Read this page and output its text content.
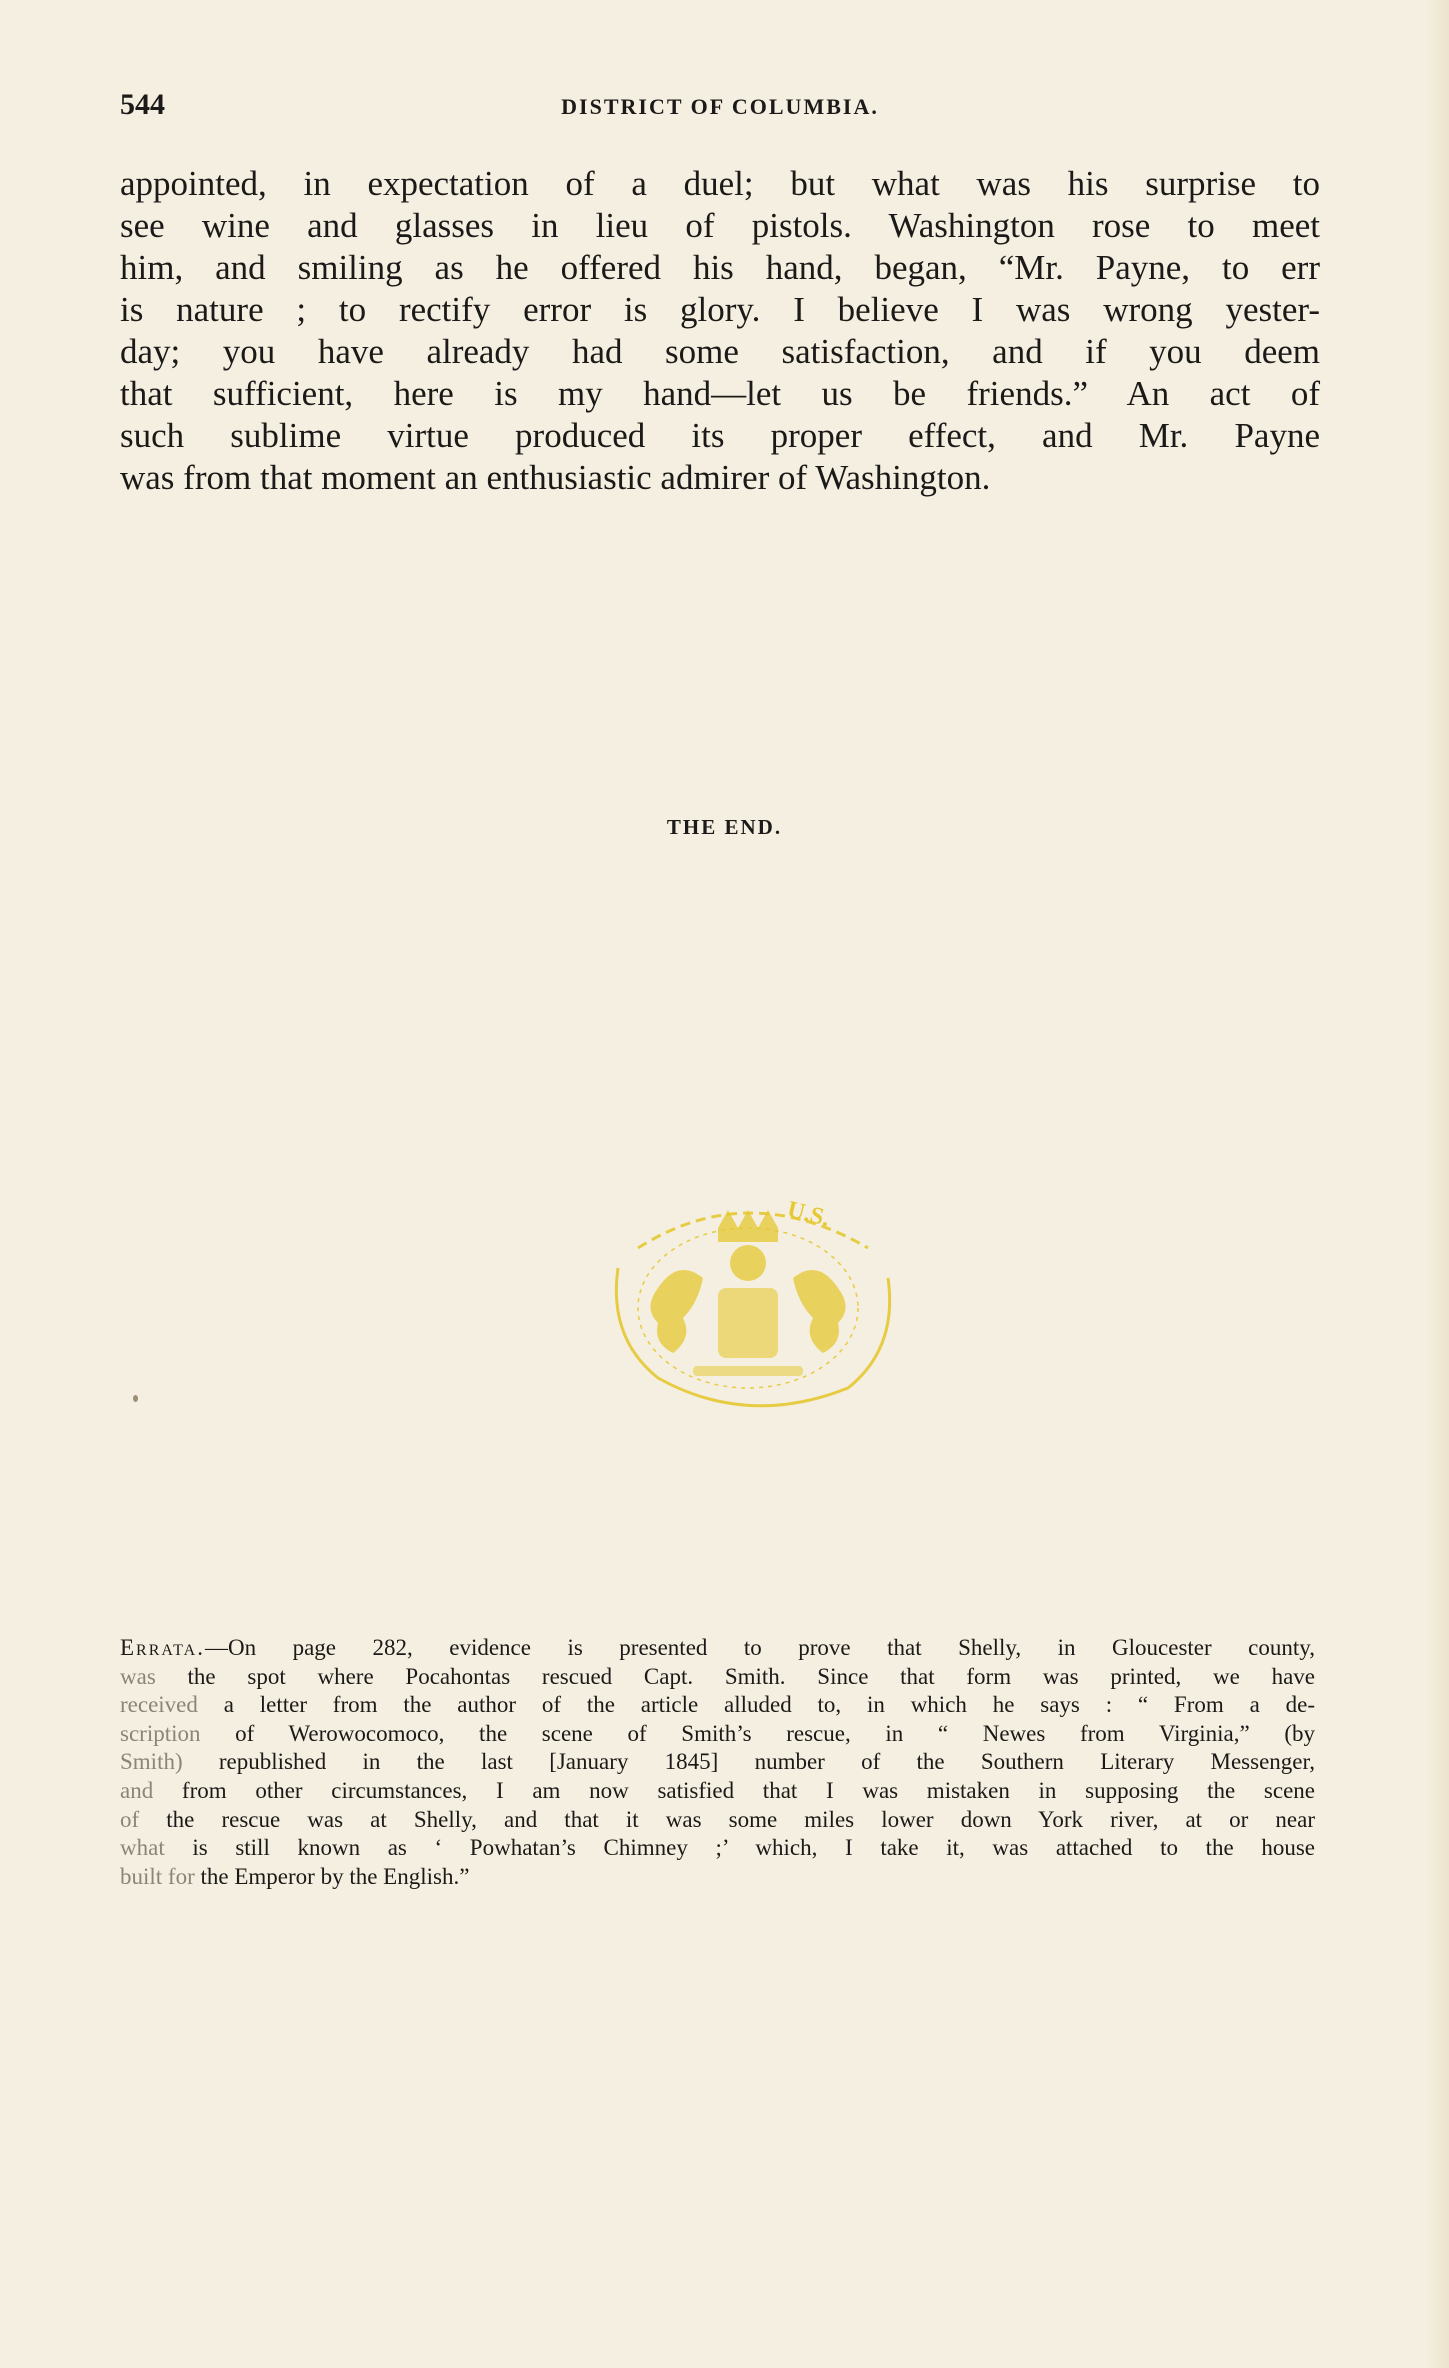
544	DISTRICT OF COLUMBIA.

appointed, in expectation of a duel; but what was his surprise to
see wine and glasses in lieu of pistols. Washington rose to meet
him, and smiling as he offered his hand, began, “Mr. Payne, to err
is nature ; to rectify error is glory. I believe I was wrong yester-
day; you have already had some satisfaction, and if you deem
that sufficient, here is my hand—let us be friends.” An act of
such sublime virtue produced its proper effect, and Mr. Payne
was from that moment an enthusiastic admirer of Washington.

THE END.
U.S.

Errata.—On page 282, evidence is presented to prove that Shelly, in Gloucester county,
was the spot where Pocahontas rescued Capt. Smith. Since that form was printed, we have
received a letter from the author of the article alluded to, in which he says : “ From a de-
scription of Werowocomoco, the scene of Smith’s rescue, in “ Newes from Virginia,” (by
Smith) republished in the last [January 1845] number of the Southern Literary Messenger,
and from other circumstances, I am now satisfied that I was mistaken in supposing the scene
of the rescue was at Shelly, and that it was some miles lower down York river, at or near
what is still known as ‘ Powhatan’s Chimney ;’ which, I take it, was attached to the house
built for the Emperor by the English.”
